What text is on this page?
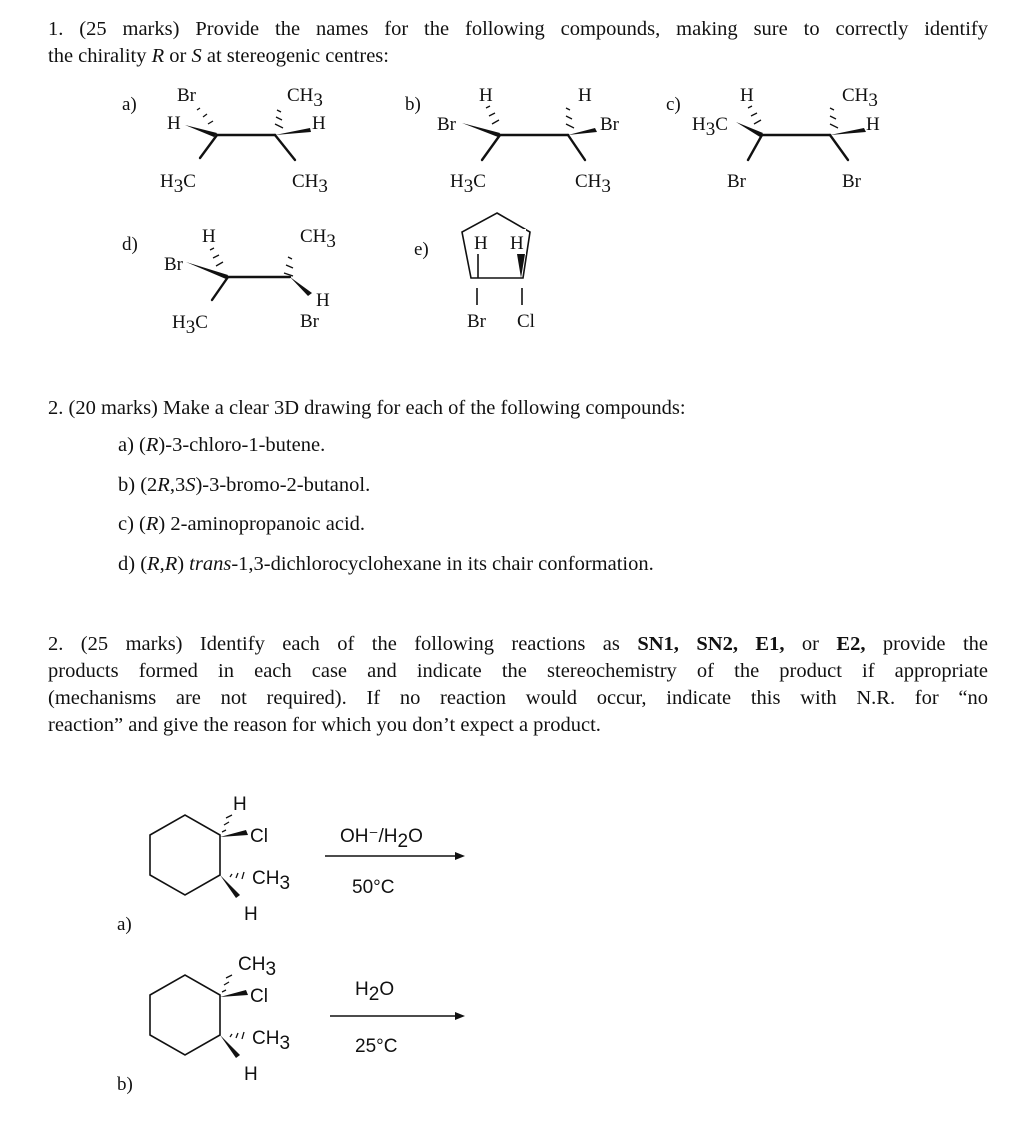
1. (25 marks) Provide the names for the following compounds, making sure to correctly identify
the chirality R or S at stereogenic centres:
a) Br
H
H3C
CH3
H
CH3
b)	H
Br
H3C
H
Br
CH3
c)	H
H3C
Br
CH3
H
Br
d)	H
Br
H3C
CH3
H
Br
e) H H
Br Cl
H
Cl
CH3
H
a)
OH⁻/H2O
50°C
CH3
Cl
CH3
H
b)
H2O
25°C
2. (20 marks) Make a clear 3D drawing for each of the following compounds:
a) (R)-3-chloro-1-butene.
b) (2R,3S)-3-bromo-2-butanol.
c) (R) 2-aminopropanoic acid.
d) (R,R) trans-1,3-dichlorocyclohexane in its chair conformation.
2. (25 marks) Identify each of the following reactions as SN1, SN2, E1, or E2, provide the
products formed in each case and indicate the stereochemistry of the product if appropriate
(mechanisms are not required). If no reaction would occur, indicate this with N.R. for “no
reaction” and give the reason for which you don’t expect a product.
